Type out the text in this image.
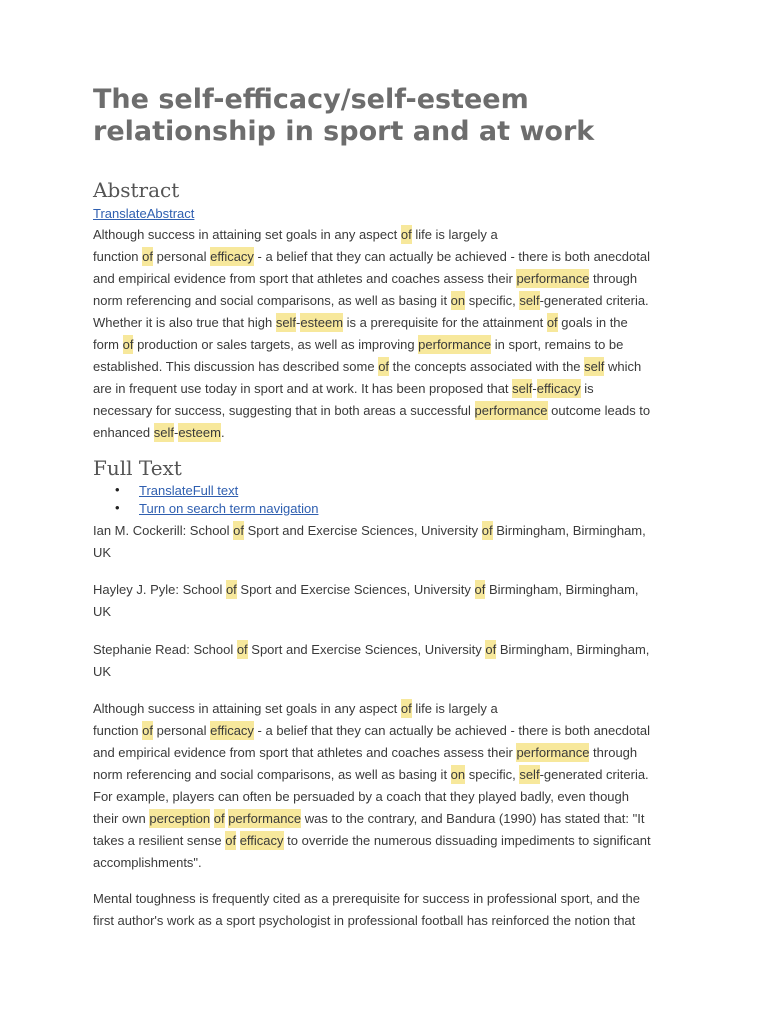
The self-efficacy/self-esteem relationship in sport and at work
Abstract
TranslateAbstract

Although success in attaining set goals in any aspect of life is largely a
function of personal efficacy - a belief that they can actually be achieved - there is both anecdotal
and empirical evidence from sport that athletes and coaches assess their performance through
norm referencing and social comparisons, as well as basing it on specific, self-generated criteria.
Whether it is also true that high self-esteem is a prerequisite for the attainment of goals in the
form of production or sales targets, as well as improving performance in sport, remains to be
established. This discussion has described some of the concepts associated with the self which
are in frequent use today in sport and at work. It has been proposed that self-efficacy is
necessary for success, suggesting that in both areas a successful performance outcome leads to
enhanced self-esteem.

Full Text
• TranslateFull text
• Turn on search term navigation

Ian M. Cockerill: School of Sport and Exercise Sciences, University of Birmingham, Birmingham,
UK

Hayley J. Pyle: School of Sport and Exercise Sciences, University of Birmingham, Birmingham,
UK

Stephanie Read: School of Sport and Exercise Sciences, University of Birmingham, Birmingham,
UK

Although success in attaining set goals in any aspect of life is largely a
function of personal efficacy - a belief that they can actually be achieved - there is both anecdotal
and empirical evidence from sport that athletes and coaches assess their performance through
norm referencing and social comparisons, as well as basing it on specific, self-generated criteria.
For example, players can often be persuaded by a coach that they played badly, even though
their own perception of performance was to the contrary, and Bandura (1990) has stated that: "It
takes a resilient sense of efficacy to override the numerous dissuading impediments to significant
accomplishments".

Mental toughness is frequently cited as a prerequisite for success in professional sport, and the
first author's work as a sport psychologist in professional football has reinforced the notion that
